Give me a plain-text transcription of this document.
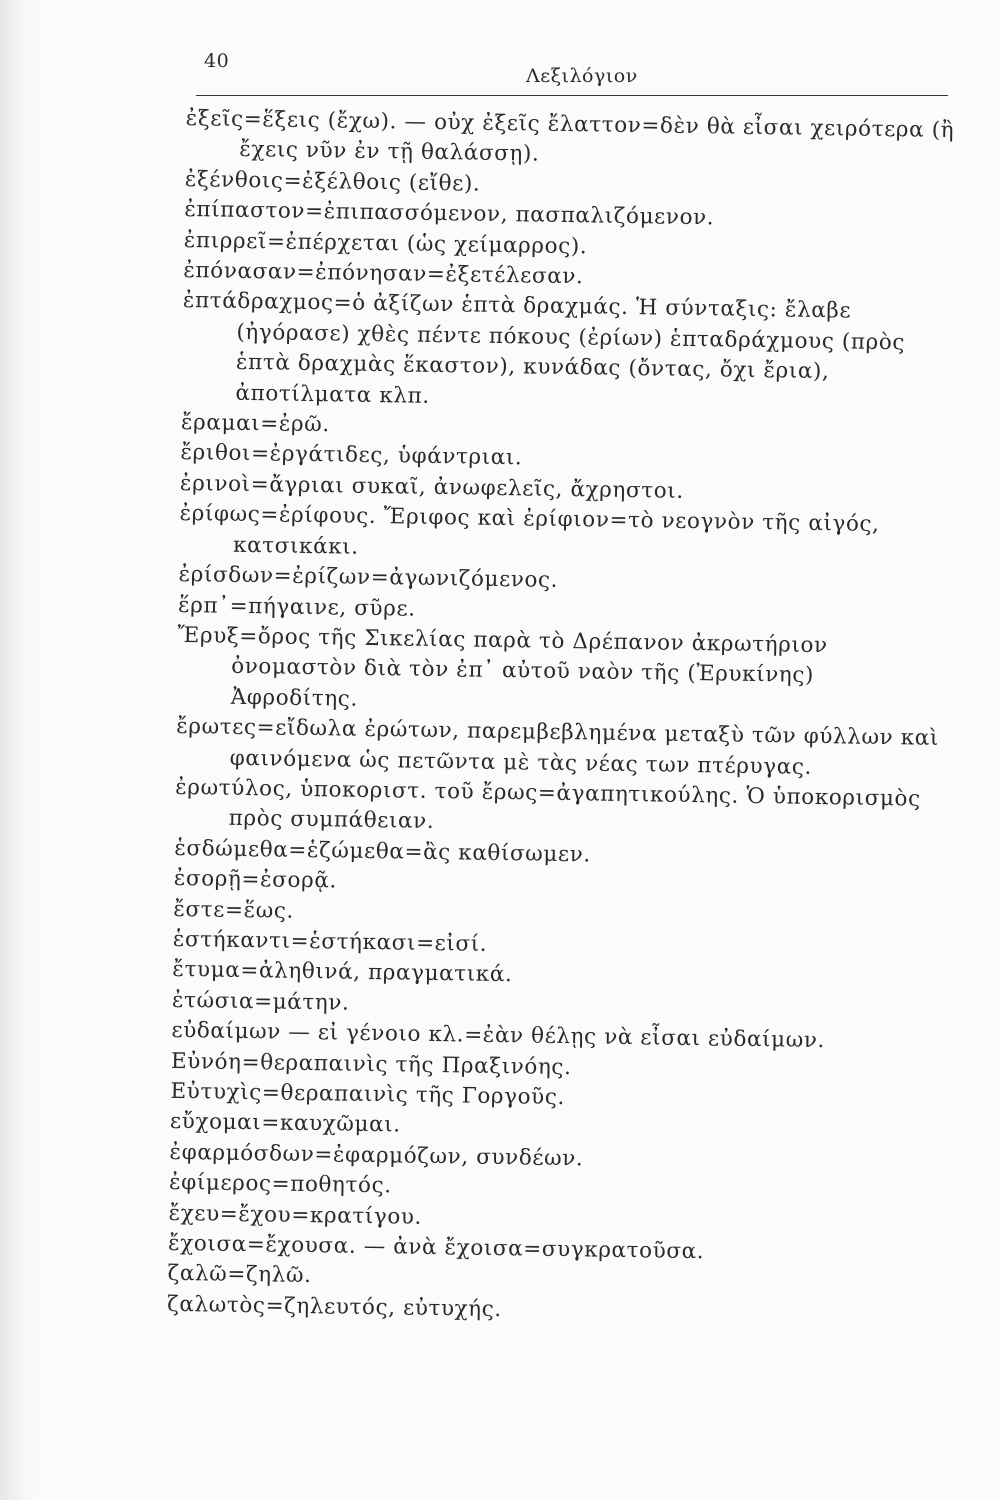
40
Λεξιλόγιον

ἐξεῖς=ἕξεις (ἔχω). — οὐχ ἐξεῖς ἔλαττον=δὲν θὰ εἶσαι χειρότερα (ἢ ἔχεις νῦν ἐν τῇ θαλάσσῃ).

ἐξένθοις=ἐξέλθοις (εἴθε).

ἐπίπαστον=ἐπιπασσόμενον, πασπαλιζόμενον.

ἐπιρρεῖ=ἐπέρχεται (ὡς χείμαρρος).

ἐπόνασαν=ἐπόνησαν=ἐξετέλεσαν.

ἐπτάδραχμος=ὁ ἀξίζων ἑπτὰ δραχμάς. Ἡ σύνταξις: ἔλαβε (ἠγόρασε) χθὲς πέντε πόκους (ἐρίων) ἑπταδράχμους (πρὸς ἑπτὰ δραχμὰς ἕκαστον), κυνάδας (ὄντας, ὄχι ἔρια), ἀποτίλματα κλπ.

ἔραμαι=ἐρῶ.

ἔριθοι=ἐργάτιδες, ὑφάντριαι.

ἐρινοὶ=ἄγριαι συκαῖ, ἀνωφελεῖς, ἄχρηστοι.

ἐρίφως=ἐρίφους. Ἔριφος καὶ ἐρίφιον=τὸ νεογνὸν τῆς αἰγός, κατσικάκι.

ἐρίσδων=ἐρίζων=ἀγωνιζόμενος.

ἕρπ᾽=πήγαινε, σῦρε.

Ἔρυξ=ὄρος τῆς Σικελίας παρὰ τὸ Δρέπανον ἀκρωτήριον ὀνομαστὸν διὰ τὸν ἐπ᾽ αὐτοῦ ναὸν τῆς (Ἐρυκίνης) Ἀφροδίτης.

ἔρωτες=εἴδωλα ἐρώτων, παρεμβεβλημένα μεταξὺ τῶν φύλλων καὶ φαινόμενα ὡς πετῶντα μὲ τὰς νέας των πτέρυγας.

ἐρωτύλος, ὑποκοριστ. τοῦ ἔρως=ἀγαπητικούλης. Ὁ ὑποκορισμὸς πρὸς συμπάθειαν.

ἑσδώμεθα=ἑζώμεθα=ἂς καθίσωμεν.

ἐσορῇ=ἐσορᾷ.

ἔστε=ἕως.

ἑστήκαντι=ἑστήκασι=εἰσί.

ἔτυμα=ἀληθινά, πραγματικά.

ἐτώσια=μάτην.

εὐδαίμων — εἰ γένοιο κλ.=ἐὰν θέλῃς νὰ εἶσαι εὐδαίμων.

Εὐνόη=θεραπαινὶς τῆς Πραξινόης.

Εὐτυχὶς=θεραπαινὶς τῆς Γοργοῦς.

εὔχομαι=καυχῶμαι.

ἐφαρμόσδων=ἐφαρμόζων, συνδέων.

ἐφίμερος=ποθητός.

ἔχευ=ἔχου=κρατίγου.

ἔχοισα=ἔχουσα. — ἀνὰ ἔχοισα=συγκρατοῦσα.

ζαλῶ=ζηλῶ.

ζαλωτὸς=ζηλευτός, εὐτυχής.
